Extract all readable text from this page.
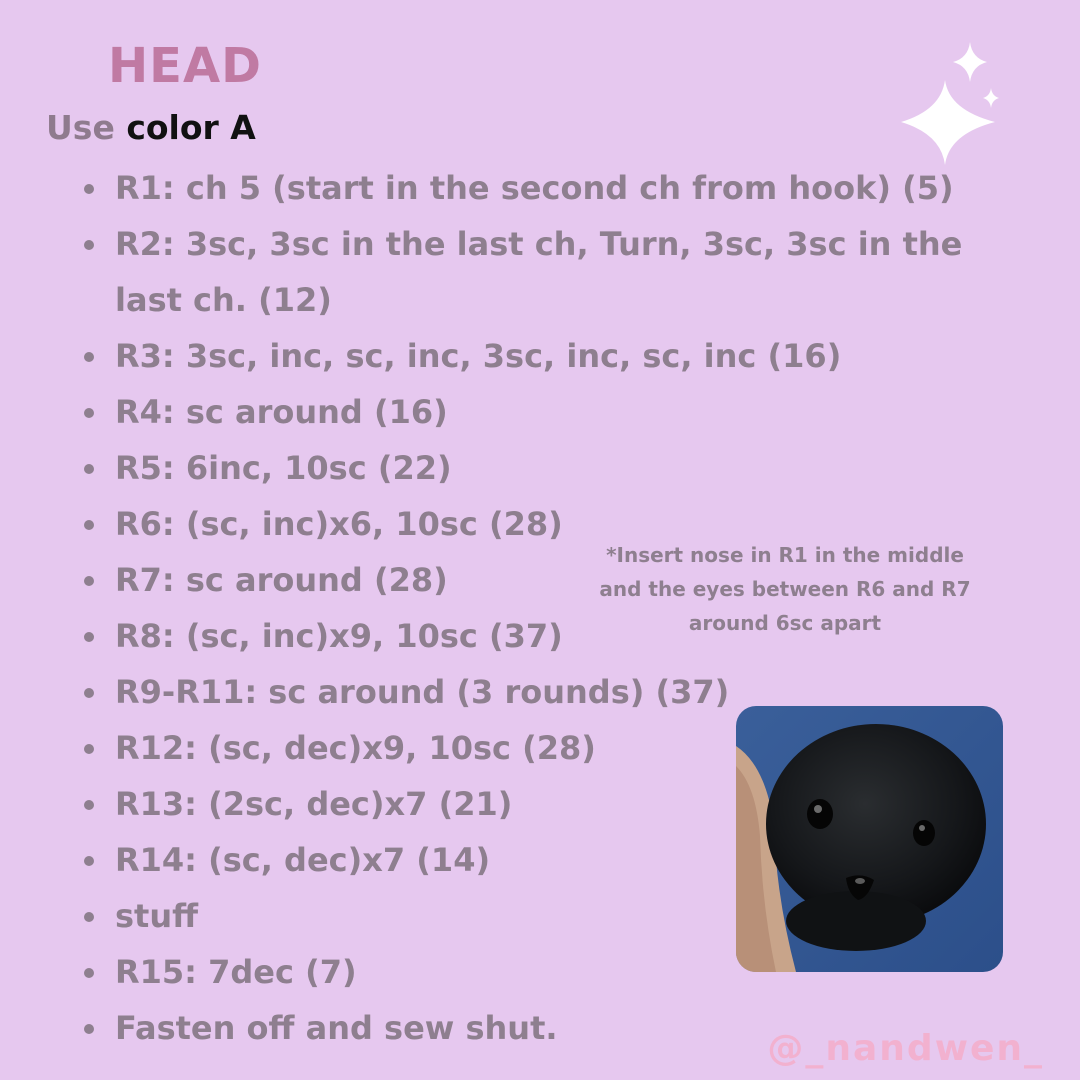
HEAD
Use color A
R1: ch 5 (start in the second ch from hook) (5)
R2: 3sc, 3sc in the last ch, Turn, 3sc, 3sc in the last ch. (12)
R3: 3sc, inc, sc, inc, 3sc, inc, sc, inc (16)
R4: sc around (16)
R5: 6inc, 10sc (22)
R6: (sc, inc)x6, 10sc (28)
R7: sc around (28)
R8: (sc, inc)x9, 10sc (37)
R9-R11: sc around (3 rounds) (37)
R12: (sc, dec)x9, 10sc (28)
R13: (2sc, dec)x7 (21)
R14: (sc, dec)x7 (14)
stuff
R15: 7dec (7)
Fasten off and sew shut.
*Insert nose in R1 in the middle and the eyes between R6 and R7 around 6sc apart
@_nandwen_
